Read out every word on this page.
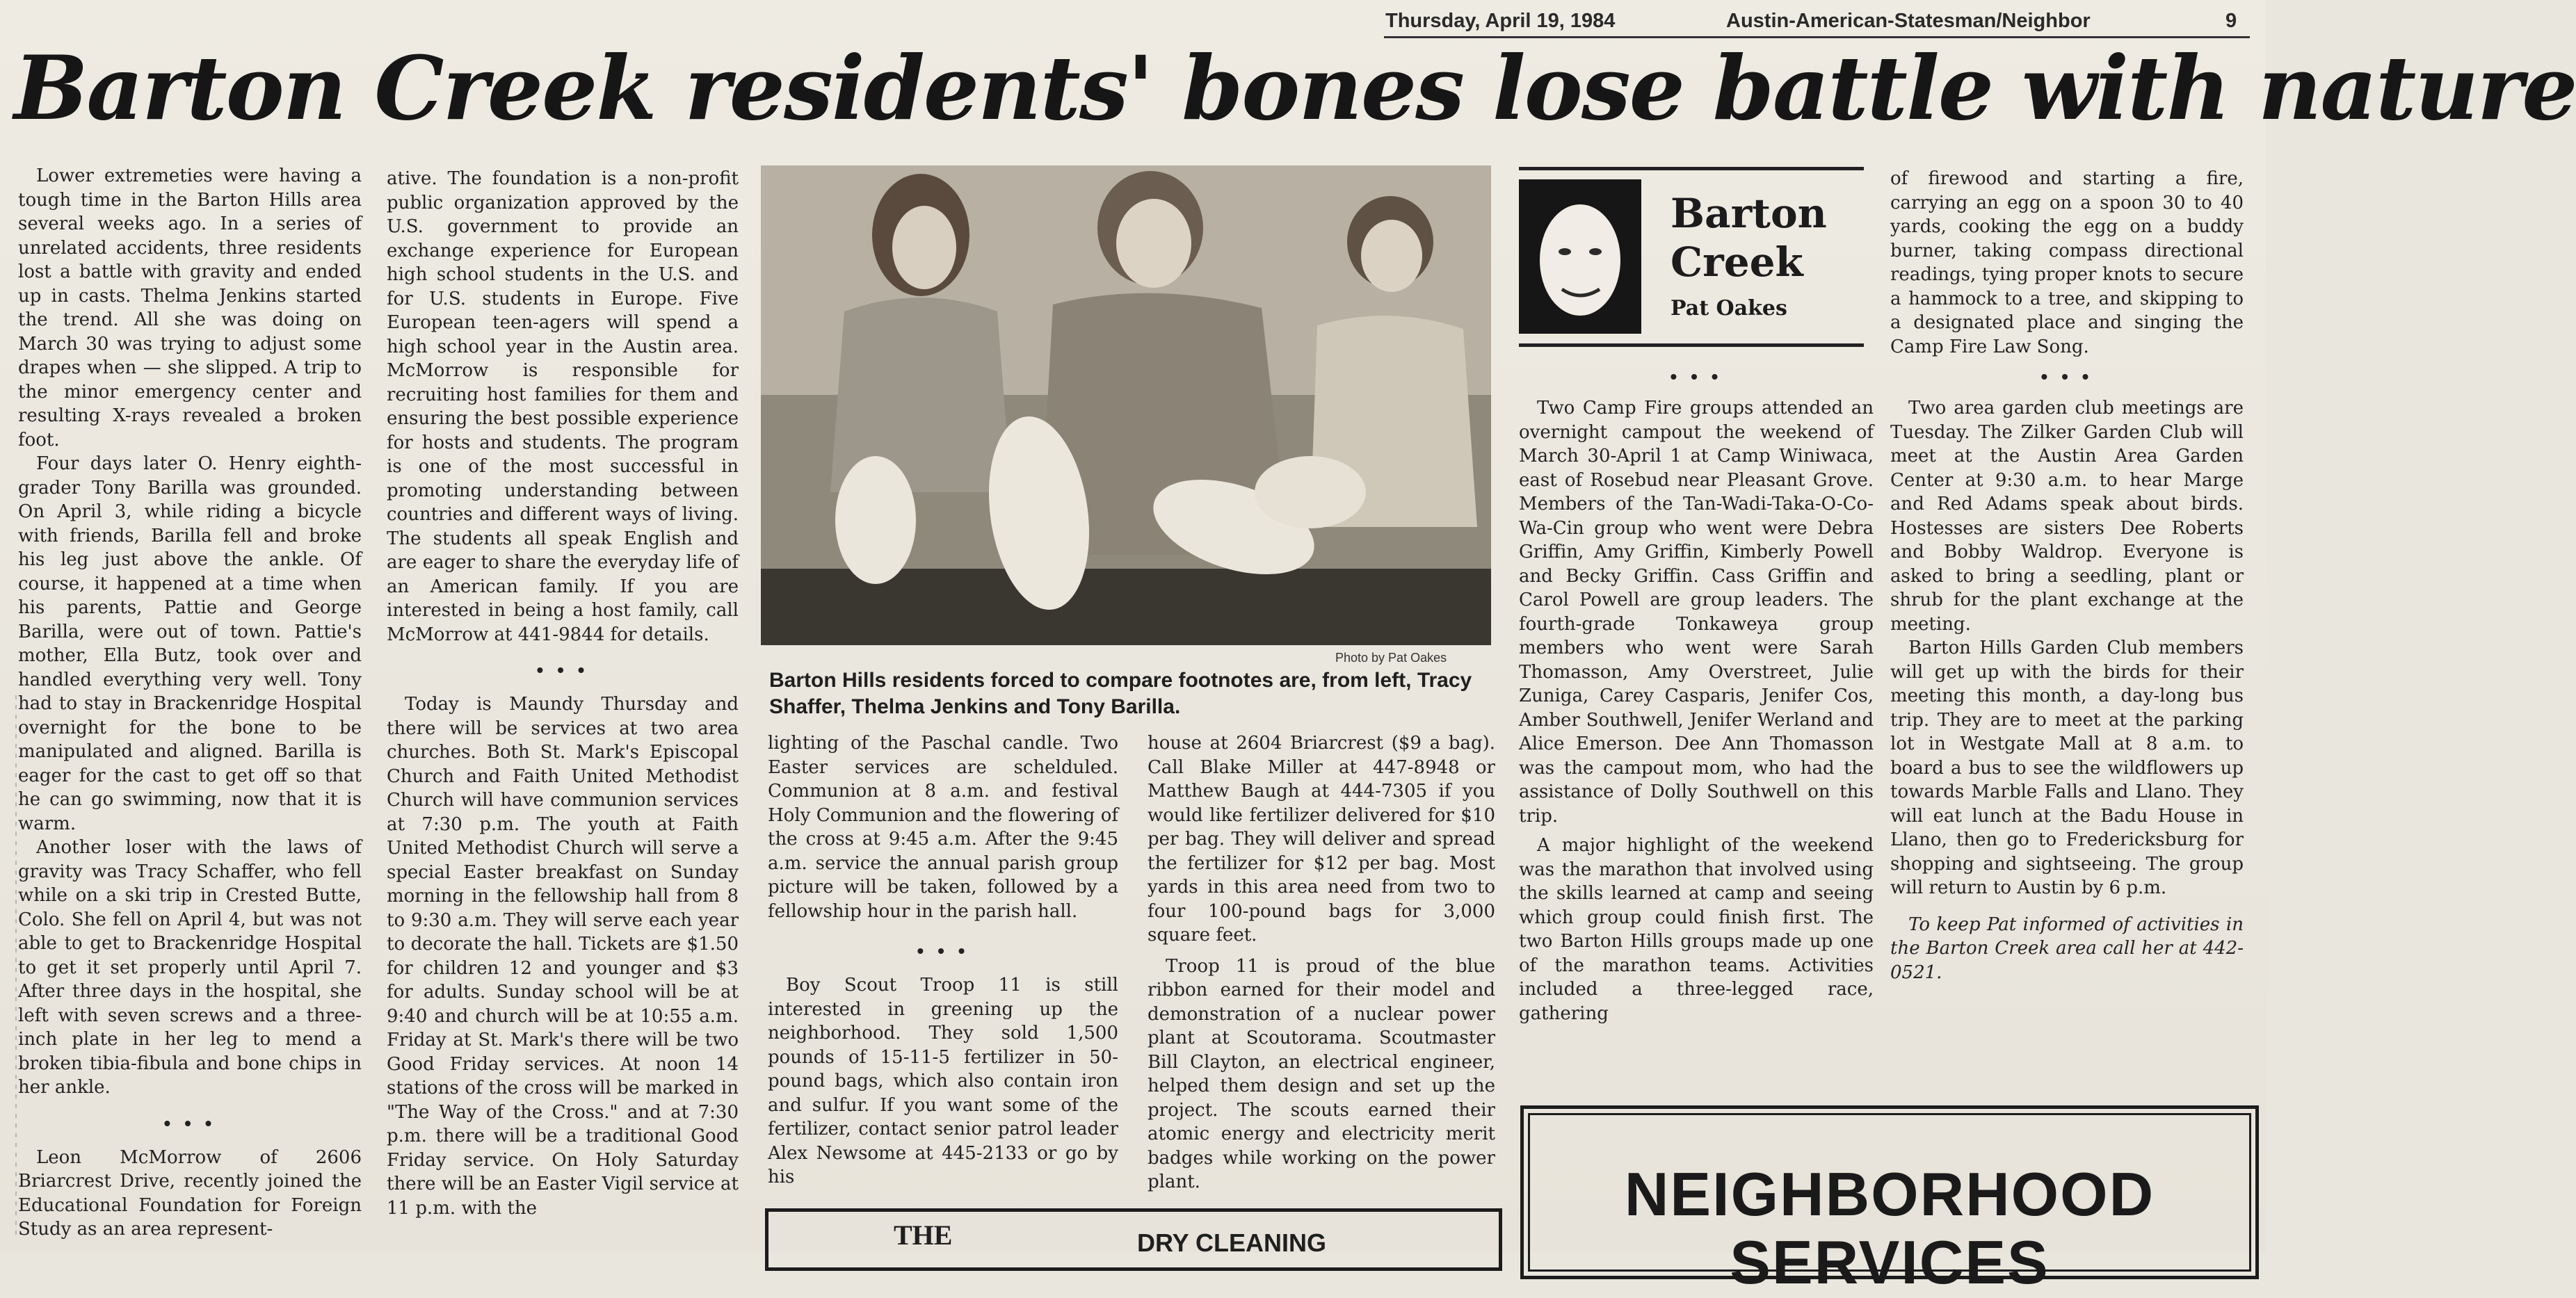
Thursday, April 19, 1984	Austin-American-Statesman/Neighbor	9
Barton Creek residents' bones lose battle with nature

Lower extremeties were having a tough time in the Barton Hills area several weeks ago. In a series of unrelated accidents, three residents lost a battle with gravity and ended up in casts. Thelma Jenkins started the trend. All she was doing on March 30 was trying to adjust some drapes when — she slipped. A trip to the minor emergency center and resulting X-rays revealed a broken foot.

Four days later O. Henry eighth-grader Tony Barilla was grounded. On April 3, while riding a bicycle with friends, Barilla fell and broke his leg just above the ankle. Of course, it happened at a time when his parents, Pattie and George Barilla, were out of town. Pattie's mother, Ella Butz, took over and handled everything very well. Tony had to stay in Brackenridge Hospital overnight for the bone to be manipulated and aligned. Barilla is eager for the cast to get off so that he can go swimming, now that it is warm.

Another loser with the laws of gravity was Tracy Schaffer, who fell while on a ski trip in Crested Butte, Colo. She fell on April 4, but was not able to get to Brackenridge Hospital to get it set properly until April 7. After three days in the hospital, she left with seven screws and a three-inch plate in her leg to mend a broken tibia-fibula and bone chips in her ankle.

• • •

Leon McMorrow of 2606 Briarcrest Drive, recently joined the Educational Foundation for Foreign Study as an area represent-

ative. The foundation is a non-profit public organization approved by the U.S. government to provide an exchange experience for European high school students in the U.S. and for U.S. students in Europe. Five European teen-agers will spend a high school year in the Austin area. McMorrow is responsible for recruiting host families for them and ensuring the best possible experience for hosts and students. The program is one of the most successful in promoting understanding between countries and different ways of living. The students all speak English and are eager to share the everyday life of an American family. If you are interested in being a host family, call McMorrow at 441-9844 for details.

• • •

Today is Maundy Thursday and there will be services at two area churches. Both St. Mark's Episcopal Church and Faith United Methodist Church will have communion services at 7:30 p.m. The youth at Faith United Methodist Church will serve a special Easter breakfast on Sunday morning in the fellowship hall from 8 to 9:30 a.m. They will serve each year to decorate the hall. Tickets are $1.50 for children 12 and younger and $3 for adults. Sunday school will be at 9:40 and church will be at 10:55 a.m. Friday at St. Mark's there will be two Good Friday services. At noon 14 stations of the cross will be marked in "The Way of the Cross." and at 7:30 p.m. there will be a traditional Good Friday service. On Holy Saturday there will be an Easter Vigil service at 11 p.m. with the

Photo by Pat Oakes
Barton Hills residents forced to compare footnotes are, from left, Tracy Shaffer, Thelma Jenkins and Tony Barilla.

lighting of the Paschal candle. Two Easter services are schelduled. Communion at 8 a.m. and festival Holy Communion and the flowering of the cross at 9:45 a.m. After the 9:45 a.m. service the annual parish group picture will be taken, followed by a fellowship hour in the parish hall.

• • •

Boy Scout Troop 11 is still interested in greening up the neighborhood. They sold 1,500 pounds of 15-11-5 fertilizer in 50-pound bags, which also contain iron and sulfur. If you want some of the fertilizer, contact senior patrol leader Alex Newsome at 445-2133 or go by his

house at 2604 Briarcrest ($9 a bag). Call Blake Miller at 447-8948 or Matthew Baugh at 444-7305 if you would like fertilizer delivered for $10 per bag. They will deliver and spread the fertilizer for $12 per bag. Most yards in this area need from two to four 100-pound bags for 3,000 square feet.

Troop 11 is proud of the blue ribbon earned for their model and demonstration of a nuclear power plant at Scoutorama. Scoutmaster Bill Clayton, an electrical engineer, helped them design and set up the project. The scouts earned their atomic energy and electricity merit badges while working on the power plant.

Barton
Creek
Pat Oakes
• • •

Two Camp Fire groups attended an overnight campout the weekend of March 30-April 1 at Camp Winiwaca, east of Rosebud near Pleasant Grove. Members of the Tan-Wadi-Taka-O-Co-Wa-Cin group who went were Debra Griffin, Amy Griffin, Kimberly Powell and Becky Griffin. Cass Griffin and Carol Powell are group leaders. The fourth-grade Tonkaweya group members who went were Sarah Thomasson, Amy Overstreet, Julie Zuniga, Carey Casparis, Jenifer Cos, Amber Southwell, Jenifer Werland and Alice Emerson. Dee Ann Thomasson was the campout mom, who had the assistance of Dolly Southwell on this trip.

A major highlight of the weekend was the marathon that involved using the skills learned at camp and seeing which group could finish first. The two Barton Hills groups made up one of the marathon teams. Activities included a three-legged race, gathering

of firewood and starting a fire, carrying an egg on a spoon 30 to 40 yards, cooking the egg on a buddy burner, taking compass directional readings, tying proper knots to secure a hammock to a tree, and skipping to a designated place and singing the Camp Fire Law Song.

• • •

Two area garden club meetings are Tuesday. The Zilker Garden Club will meet at the Austin Area Garden Center at 9:30 a.m. to hear Marge and Red Adams speak about birds. Hostesses are sisters Dee Roberts and Bobby Waldrop. Everyone is asked to bring a seedling, plant or shrub for the plant exchange at the meeting.

Barton Hills Garden Club members will get up with the birds for their meeting this month, a day-long bus trip. They are to meet at the parking lot in Westgate Mall at 8 a.m. to board a bus to see the wildflowers up towards Marble Falls and Llano. They will eat lunch at the Badu House in Llano, then go to Fredericksburg for shopping and sightseeing. The group will return to Austin by 6 p.m.

To keep Pat informed of activities in the Barton Creek area call her at 442-0521.

NEIGHBORHOOD
SERVICES
THE	DRY CLEANING
